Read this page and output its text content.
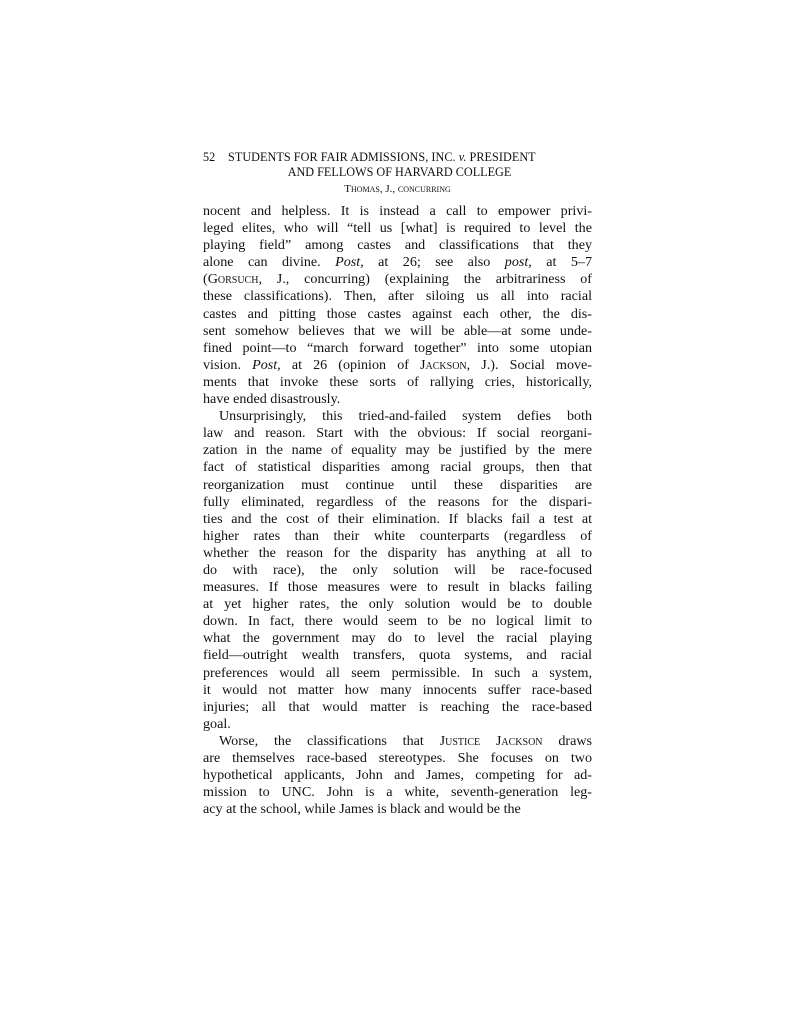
52 STUDENTS FOR FAIR ADMISSIONS, INC. v. PRESIDENT
AND FELLOWS OF HARVARD COLLEGE
Thomas, J., concurring

nocent and helpless. It is instead a call to empower privi-
leged elites, who will “tell us [what] is required to level the
playing field” among castes and classifications that they
alone can divine. Post, at 26; see also post, at 5–7
(Gorsuch, J., concurring) (explaining the arbitrariness of
these classifications). Then, after siloing us all into racial
castes and pitting those castes against each other, the dis-
sent somehow believes that we will be able—at some unde-
fined point—to “march forward together” into some utopian
vision. Post, at 26 (opinion of Jackson, J.). Social move-
ments that invoke these sorts of rallying cries, historically,
have ended disastrously.

Unsurprisingly, this tried-and-failed system defies both
law and reason. Start with the obvious: If social reorgani-
zation in the name of equality may be justified by the mere
fact of statistical disparities among racial groups, then that
reorganization must continue until these disparities are
fully eliminated, regardless of the reasons for the dispari-
ties and the cost of their elimination. If blacks fail a test at
higher rates than their white counterparts (regardless of
whether the reason for the disparity has anything at all to
do with race), the only solution will be race-focused
measures. If those measures were to result in blacks failing
at yet higher rates, the only solution would be to double
down. In fact, there would seem to be no logical limit to
what the government may do to level the racial playing
field—outright wealth transfers, quota systems, and racial
preferences would all seem permissible. In such a system,
it would not matter how many innocents suffer race-based
injuries; all that would matter is reaching the race-based
goal.

Worse, the classifications that Justice Jackson draws
are themselves race-based stereotypes. She focuses on two
hypothetical applicants, John and James, competing for ad-
mission to UNC. John is a white, seventh-generation leg-
acy at the school, while James is black and would be the
